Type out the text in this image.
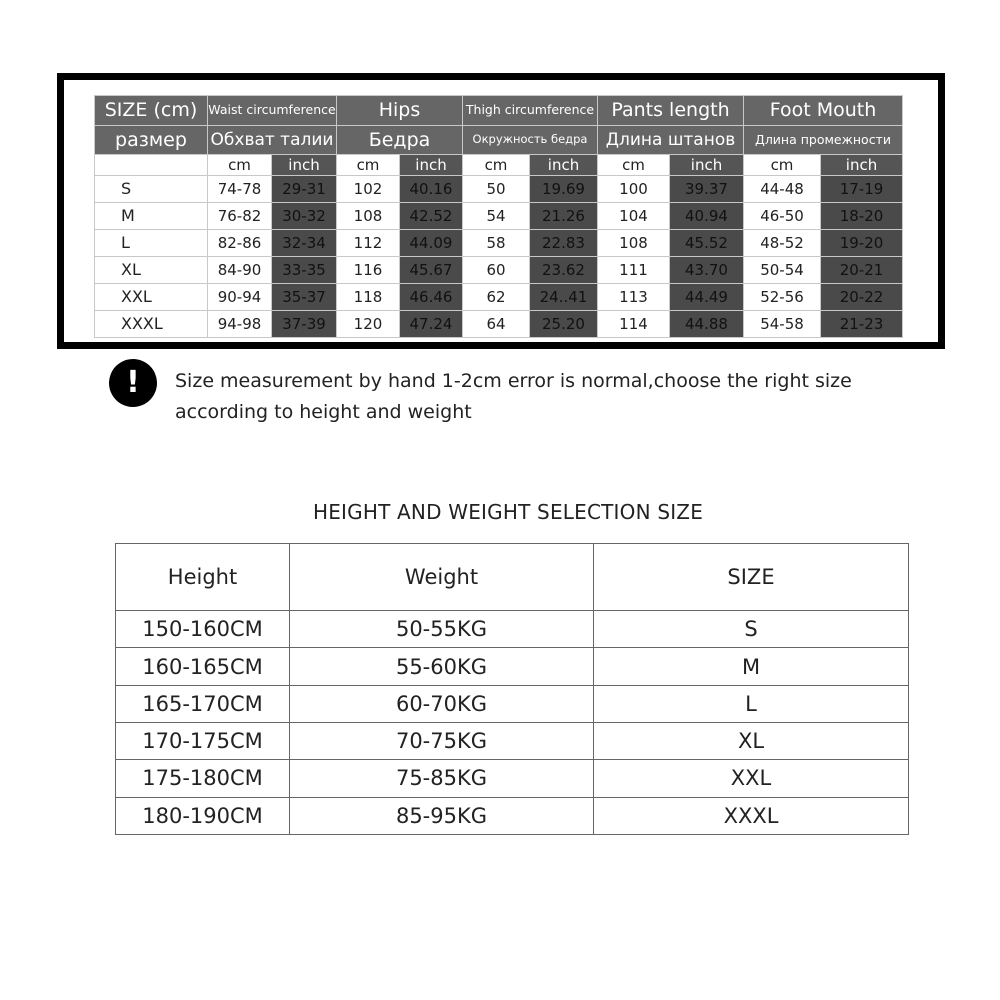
SIZE (cm)	Waist circumference		Hips		Thigh circumference		Pants length		Foot Mouth	
размер	Обхват талии		Бедра		Окружность бедра		Длина штанов		Длина промежности	
	cm	inch	cm	inch	cm	inch	cm	inch	cm	inch
S	74-78	29-31	102	40.16	50	19.69	100	39.37	44-48	17-19
M	76-82	30-32	108	42.52	54	21.26	104	40.94	46-50	18-20
L	82-86	32-34	112	44.09	58	22.83	108	45.52	48-52	19-20
XL	84-90	33-35	116	45.67	60	23.62	111	43.70	50-54	20-21
XXL	90-94	35-37	118	46.46	62	24..41	113	44.49	52-56	20-22
XXXL	94-98	37-39	120	47.24	64	25.20	114	44.88	54-58	21-23
!	Size measurement by hand 1-2cm error is normal,choose the right size according to height and weight
HEIGHT AND WEIGHT SELECTION SIZE
Height	Weight	SIZE
150-160CM	50-55KG	S
160-165CM	55-60KG	M
165-170CM	60-70KG	L
170-175CM	70-75KG	XL
175-180CM	75-85KG	XXL
180-190CM	85-95KG	XXXL
